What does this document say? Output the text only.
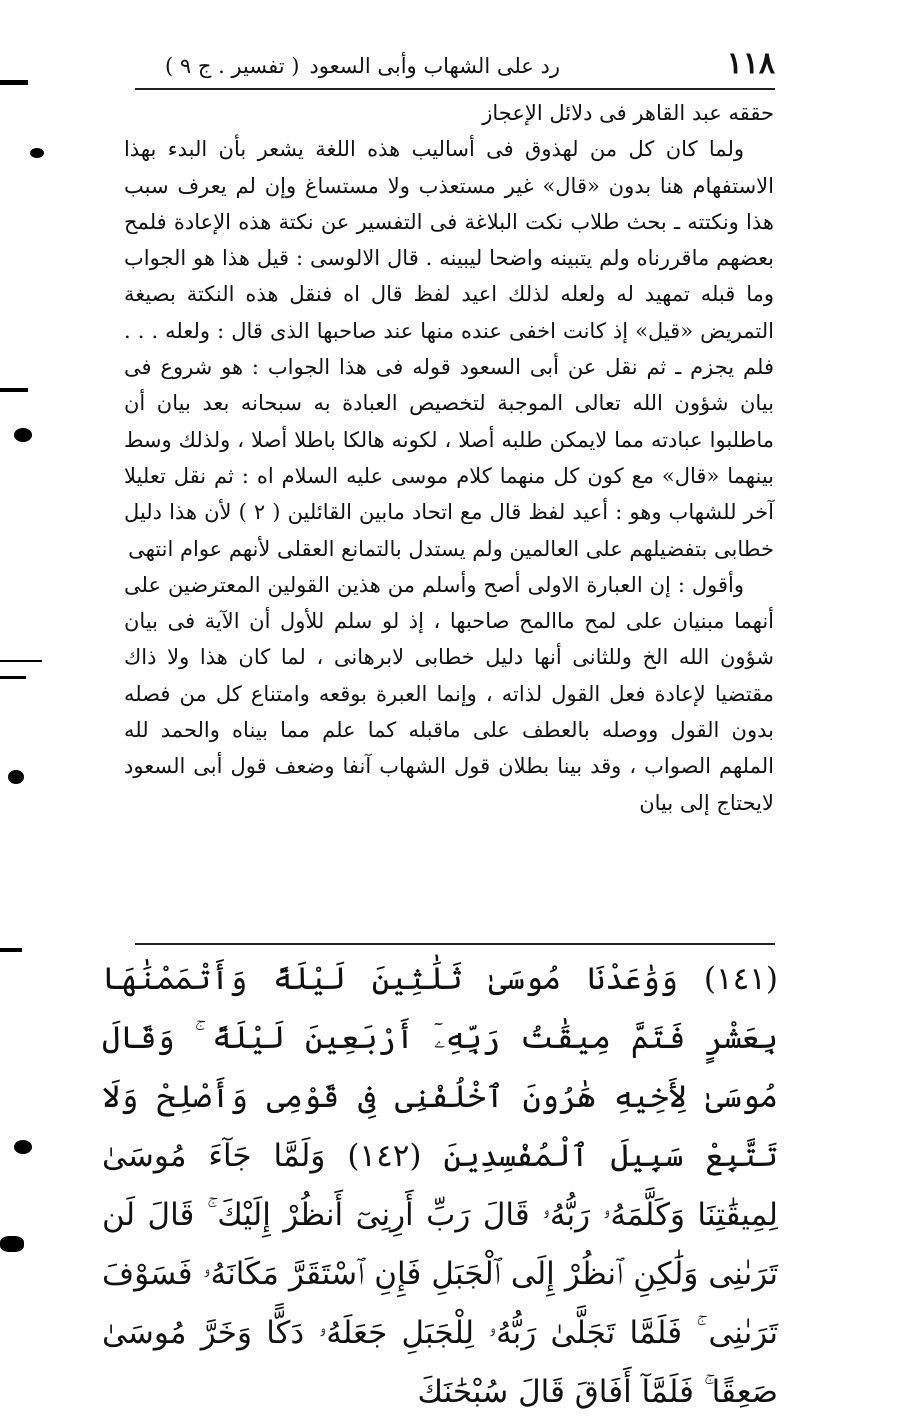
١١٨
رد على الشهاب وأبى السعود
( تفسير . ج ٩ )

حققه عبد القاهر فى دلائل الإعجاز

ولما كان كل من لهذوق فى أساليب هذه اللغة يشعر بأن البدء بهذا الاستفهام هنا بدون «قال» غير مستعذب ولا مستساغ وإن لم يعرف سبب هذا ونكتته ـ بحث طلاب نكت البلاغة فى التفسير عن نكتة هذه الإعادة فلمح بعضهم ماقررناه ولم يتبينه واضحا ليبينه . قال الالوسى : قيل هذا هو الجواب وما قبله تمهيد له ولعله لذلك اعيد لفظ قال اه فنقل هذه النكتة بصيغة التمريض «قيل» إذ كانت اخفى عنده منها عند صاحبها الذى قال : ولعله . . . فلم يجزم ـ ثم نقل عن أبى السعود قوله فى هذا الجواب : هو شروع فى بيان شؤون الله تعالى الموجبة لتخصيص العبادة به سبحانه بعد بيان أن ماطلبوا عبادته مما لايمكن طلبه أصلا ، لكونه هالكا باطلا أصلا ، ولذلك وسط بينهما «قال» مع كون كل منهما كلام موسى عليه السلام اه : ثم نقل تعليلا آخر للشهاب وهو : أعيد لفظ قال مع اتحاد مابين القائلين ( ٢ ) لأن هذا دليل خطابى بتفضيلهم على العالمين ولم يستدل بالتمانع العقلى لأنهم عوام انتهى

وأقول : إن العبارة الاولى أصح وأسلم من هذين القولين المعترضين على أنهما مبنيان على لمح ماالمح صاحبها ، إذ لو سلم للأول أن الآية فى بيان شؤون الله الخ وللثانى أنها دليل خطابى لابرهانى ، لما كان هذا ولا ذاك مقتضيا لإعادة فعل القول لذاته ، وإنما العبرة بوقعه وامتناع كل من فصله بدون القول ووصله بالعطف على ماقبله كما علم مما بيناه والحمد لله الملهم الصواب ، وقد بينا بطلان قول الشهاب آنفا وضعف قول أبى السعود لايحتاج إلى بيان

(١٤١) وَوَٰعَدْنَا مُوسَىٰ ثَلَٰثِينَ لَيْلَةً وَأَتْمَمْنَٰهَا بِعَشْرٍ فَتَمَّ مِيقَٰتُ رَبِّهِۦٓ أَرْبَعِينَ لَيْلَةً ۚ وَقَالَ مُوسَىٰ لِأَخِيهِ هَٰرُونَ ٱخْلُفْنِى فِى قَوْمِى وَأَصْلِحْ وَلَا تَتَّبِعْ سَبِيلَ ٱلْمُفْسِدِينَ (١٤٢) وَلَمَّا جَآءَ مُوسَىٰ لِمِيقَٰتِنَا وَكَلَّمَهُۥ رَبُّهُۥ قَالَ رَبِّ أَرِنِىٓ أَنظُرْ إِلَيْكَ ۚ قَالَ لَن تَرَىٰنِى وَلَٰكِنِ ٱنظُرْ إِلَى ٱلْجَبَلِ فَإِنِ ٱسْتَقَرَّ مَكَانَهُۥ فَسَوْفَ تَرَىٰنِى ۚ فَلَمَّا تَجَلَّىٰ رَبُّهُۥ لِلْجَبَلِ جَعَلَهُۥ دَكًّا وَخَرَّ مُوسَىٰ صَعِقًا ۚ فَلَمَّآ أَفَاقَ قَالَ سُبْحَٰنَكَ
